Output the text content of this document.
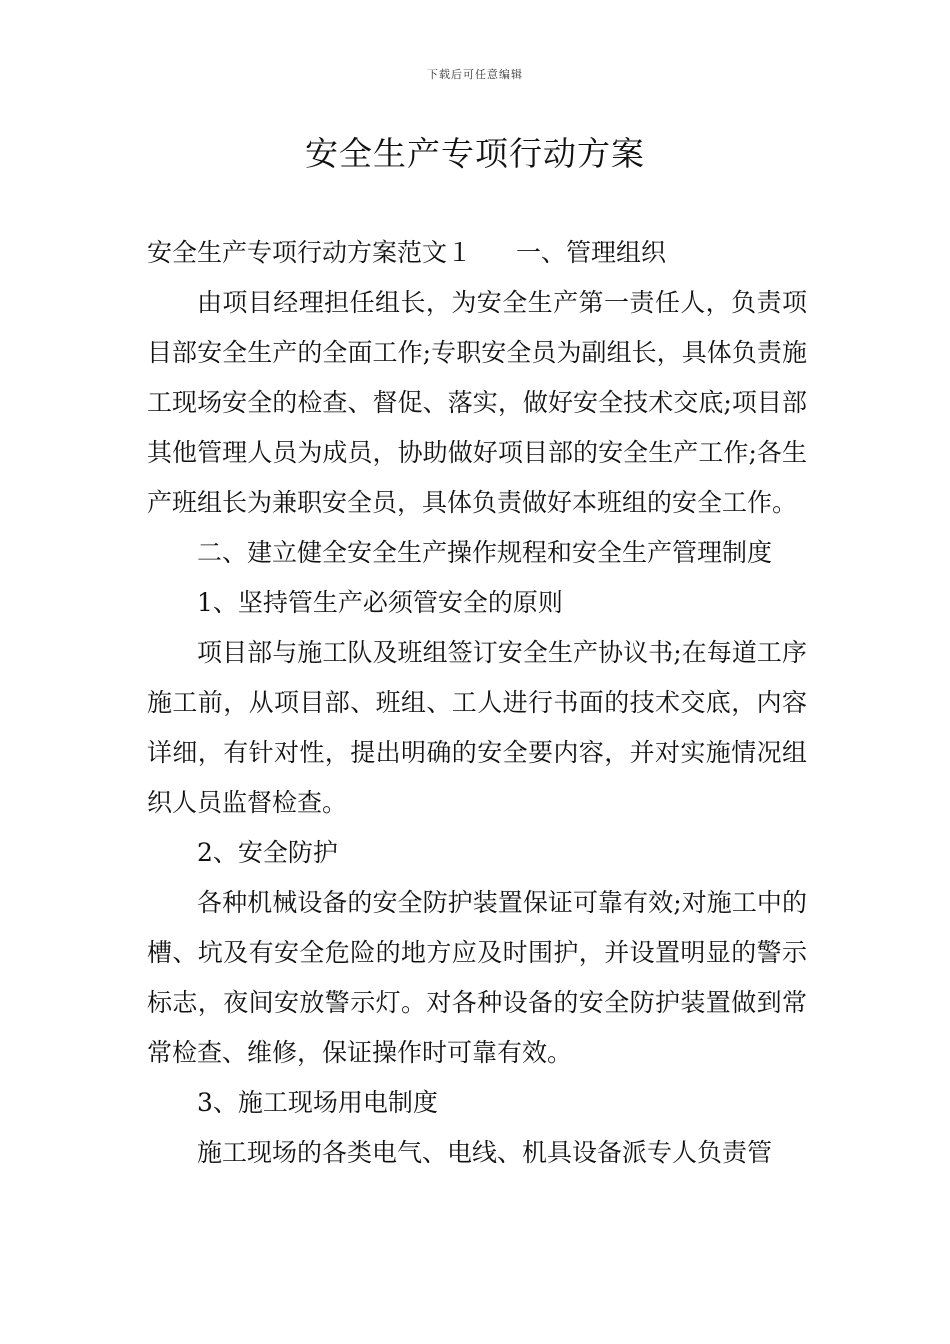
下载后可任意编辑
安全生产专项行动方案

安全生产专项行动方案范文１ 一、管理组织

由项目经理担任组长，为安全生产第一责任人，负责项目部安全生产的全面工作;专职安全员为副组长，具体负责施工现场安全的检查、督促、落实，做好安全技术交底;项目部其他管理人员为成员，协助做好项目部的安全生产工作;各生产班组长为兼职安全员，具体负责做好本班组的安全工作。

二、建立健全安全生产操作规程和安全生产管理制度

1、坚持管生产必须管安全的原则

项目部与施工队及班组签订安全生产协议书;在每道工序施工前，从项目部、班组、工人进行书面的技术交底，内容详细，有针对性，提出明确的安全要内容，并对实施情况组织人员监督检查。

2、安全防护

各种机械设备的安全防护装置保证可靠有效;对施工中的槽、坑及有安全危险的地方应及时围护，并设置明显的警示标志，夜间安放警示灯。对各种设备的安全防护装置做到常常检查、维修，保证操作时可靠有效。

3、施工现场用电制度

施工现场的各类电气、电线、机具设备派专人负责管
